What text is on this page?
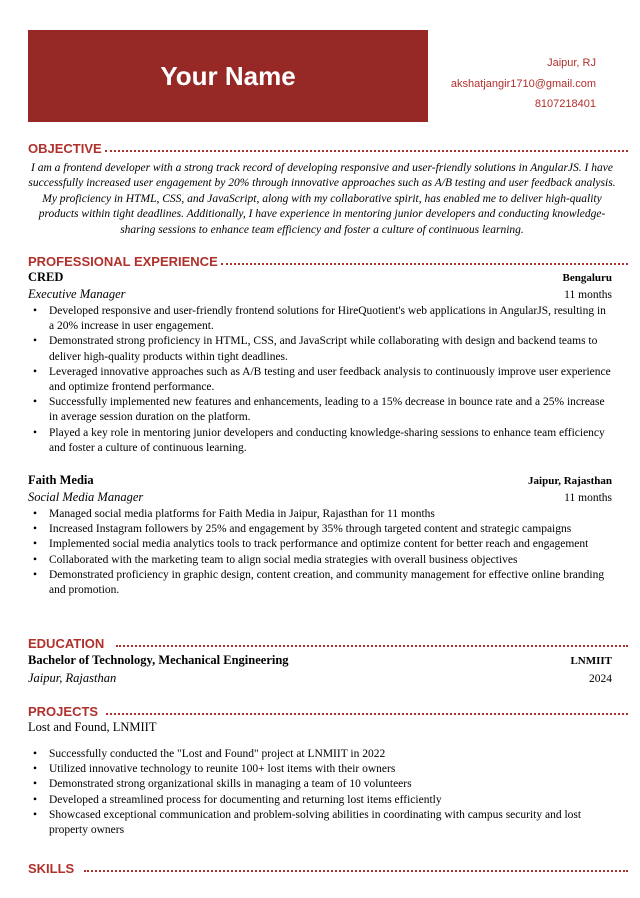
Your Name	Jaipur, RJ
akshatjangir1710@gmail.com
8107218401
OBJECTIVE
I am a frontend developer with a strong track record of developing responsive and user-friendly solutions in AngularJS. I have successfully increased user engagement by 20% through innovative approaches such as A/B testing and user feedback analysis. My proficiency in HTML, CSS, and JavaScript, along with my collaborative spirit, has enabled me to deliver high-quality products within tight deadlines. Additionally, I have experience in mentoring junior developers and conducting knowledge-sharing sessions to enhance team efficiency and foster a culture of continuous learning.
PROFESSIONAL EXPERIENCE
CRED	Bengaluru
Executive Manager	11 months
• Developed responsive and user-friendly frontend solutions for HireQuotient's web applications in AngularJS, resulting in a 20% increase in user engagement.
• Demonstrated strong proficiency in HTML, CSS, and JavaScript while collaborating with design and backend teams to deliver high-quality products within tight deadlines.
• Leveraged innovative approaches such as A/B testing and user feedback analysis to continuously improve user experience and optimize frontend performance.
• Successfully implemented new features and enhancements, leading to a 15% decrease in bounce rate and a 25% increase in average session duration on the platform.
• Played a key role in mentoring junior developers and conducting knowledge-sharing sessions to enhance team efficiency and foster a culture of continuous learning.
Faith Media	Jaipur, Rajasthan
Social Media Manager	11 months
• Managed social media platforms for Faith Media in Jaipur, Rajasthan for 11 months
• Increased Instagram followers by 25% and engagement by 35% through targeted content and strategic campaigns
• Implemented social media analytics tools to track performance and optimize content for better reach and engagement
• Collaborated with the marketing team to align social media strategies with overall business objectives
• Demonstrated proficiency in graphic design, content creation, and community management for effective online branding and promotion.
EDUCATION
Bachelor of Technology, Mechanical Engineering	LNMIIT
Jaipur, Rajasthan	2024
PROJECTS
Lost and Found, LNMIIT
• Successfully conducted the "Lost and Found" project at LNMIIT in 2022
• Utilized innovative technology to reunite 100+ lost items with their owners
• Demonstrated strong organizational skills in managing a team of 10 volunteers
• Developed a streamlined process for documenting and returning lost items efficiently
• Showcased exceptional communication and problem-solving abilities in coordinating with campus security and lost property owners
SKILLS
